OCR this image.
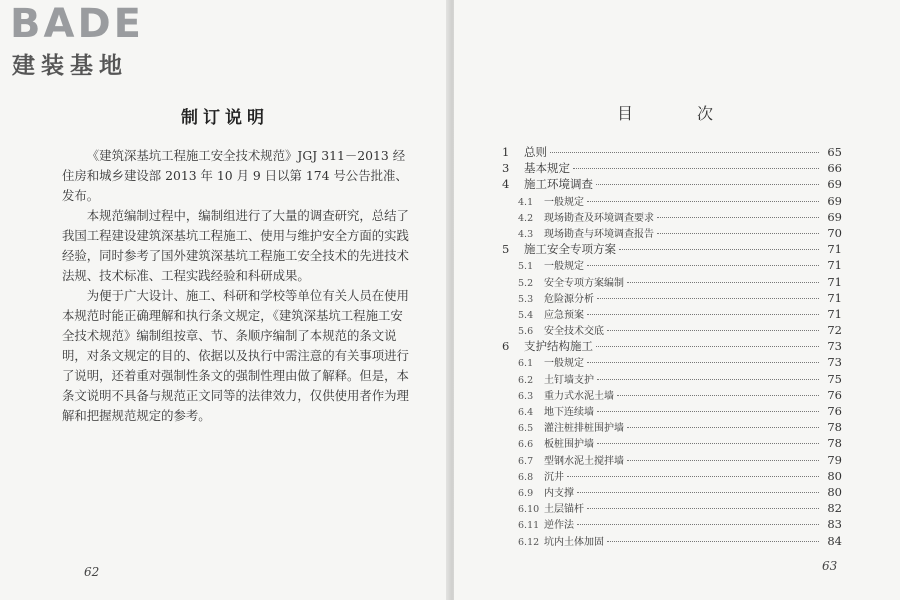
BADE
建装基地
制订说明

《建筑深基坑工程施工安全技术规范》JGJ 311－2013 经住房和城乡建设部 2013 年 10 月 9 日以第 174 号公告批准、发布。

本规范编制过程中，编制组进行了大量的调查研究，总结了我国工程建设建筑深基坑工程施工、使用与维护安全方面的实践经验，同时参考了国外建筑深基坑工程施工安全技术的先进技术法规、技术标准、工程实践经验和科研成果。

为便于广大设计、施工、科研和学校等单位有关人员在使用本规范时能正确理解和执行条文规定，《建筑深基坑工程施工安全技术规范》编制组按章、节、条顺序编制了本规范的条文说明，对条文规定的目的、依据以及执行中需注意的有关事项进行了说明，还着重对强制性条文的强制性理由做了解释。但是，本条文说明不具备与规范正文同等的法律效力，仅供使用者作为理解和把握规范规定的参考。

62
目　次
1	总则	65
3	基本规定	66
4	施工环境调查	69
4.1	一般规定	69
4.2	现场勘查及环境调查要求	69
4.3	现场勘查与环境调查报告	70
5	施工安全专项方案	71
5.1	一般规定	71
5.2	安全专项方案编制	71
5.3	危险源分析	71
5.4	应急预案	71
5.6	安全技术交底	72
6	支护结构施工	73
6.1	一般规定	73
6.2	土钉墙支护	75
6.3	重力式水泥土墙	76
6.4	地下连续墙	76
6.5	灌注桩排桩围护墙	78
6.6	板桩围护墙	78
6.7	型钢水泥土搅拌墙	79
6.8	沉井	80
6.9	内支撑	80
6.10 土层锚杆	82
6.11 逆作法	83
6.12 坑内土体加固	84
63
